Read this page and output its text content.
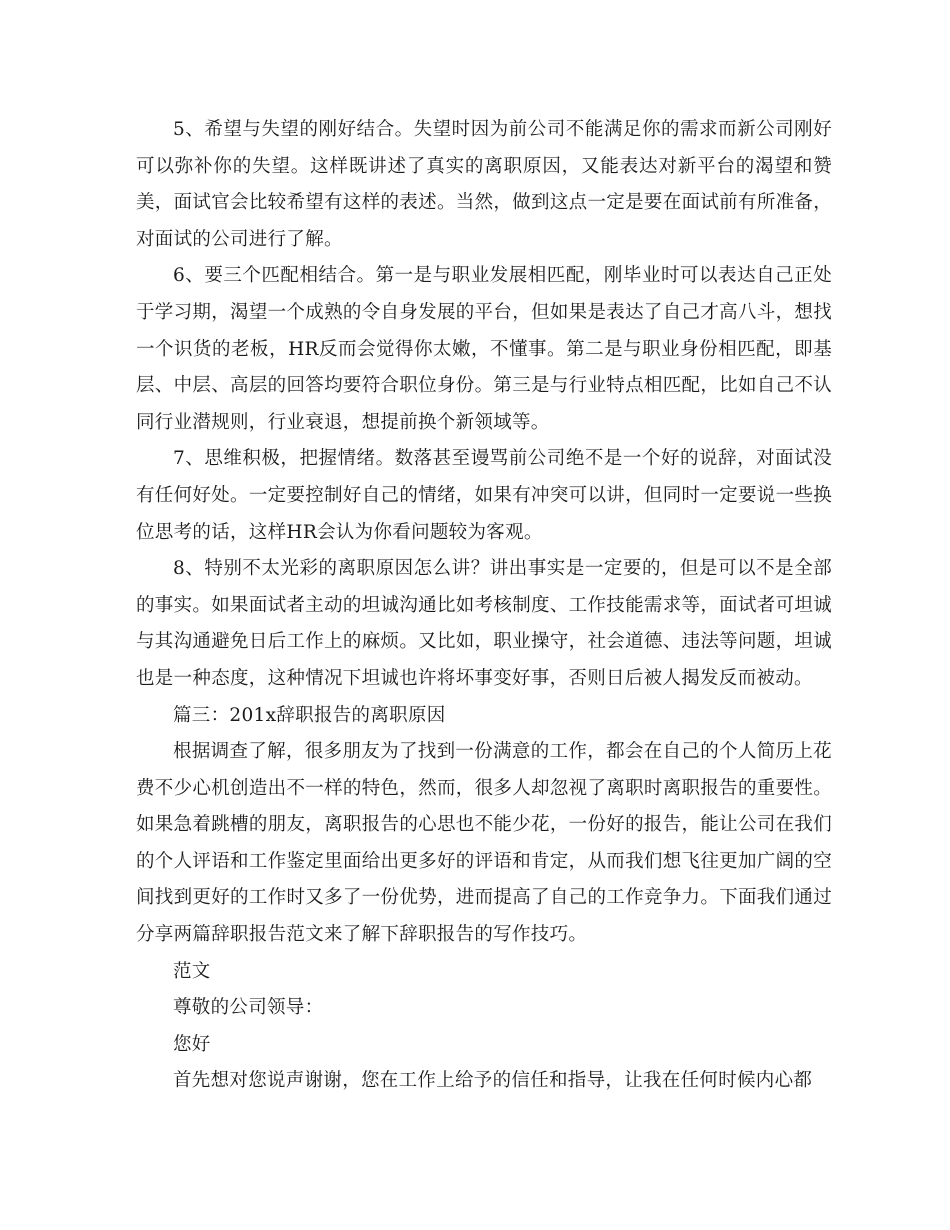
5、希望与失望的刚好结合。失望时因为前公司不能满足你的需求而新公司刚好可以弥补你的失望。这样既讲述了真实的离职原因，又能表达对新平台的渴望和赞美，面试官会比较希望有这样的表述。当然，做到这点一定是要在面试前有所准备，对面试的公司进行了解。

6、要三个匹配相结合。第一是与职业发展相匹配，刚毕业时可以表达自己正处于学习期，渴望一个成熟的令自身发展的平台，但如果是表达了自己才高八斗，想找一个识货的老板，HR反而会觉得你太嫩，不懂事。第二是与职业身份相匹配，即基层、中层、高层的回答均要符合职位身份。第三是与行业特点相匹配，比如自己不认同行业潜规则，行业衰退，想提前换个新领域等。

7、思维积极，把握情绪。数落甚至谩骂前公司绝不是一个好的说辞，对面试没有任何好处。一定要控制好自己的情绪，如果有冲突可以讲，但同时一定要说一些换位思考的话，这样HR会认为你看问题较为客观。

8、特别不太光彩的离职原因怎么讲？讲出事实是一定要的，但是可以不是全部的事实。如果面试者主动的坦诚沟通比如考核制度、工作技能需求等，面试者可坦诚与其沟通避免日后工作上的麻烦。又比如，职业操守，社会道德、违法等问题，坦诚也是一种态度，这种情况下坦诚也许将坏事变好事，否则日后被人揭发反而被动。

篇三：201x辞职报告的离职原因

根据调查了解，很多朋友为了找到一份满意的工作，都会在自己的个人简历上花费不少心机创造出不一样的特色，然而，很多人却忽视了离职时离职报告的重要性。如果急着跳槽的朋友，离职报告的心思也不能少花，一份好的报告，能让公司在我们的个人评语和工作鉴定里面给出更多好的评语和肯定，从而我们想飞往更加广阔的空间找到更好的工作时又多了一份优势，进而提高了自己的工作竞争力。下面我们通过分享两篇辞职报告范文来了解下辞职报告的写作技巧。

范文

尊敬的公司领导：

您好

首先想对您说声谢谢，您在工作上给予的信任和指导，让我在任何时候内心都
